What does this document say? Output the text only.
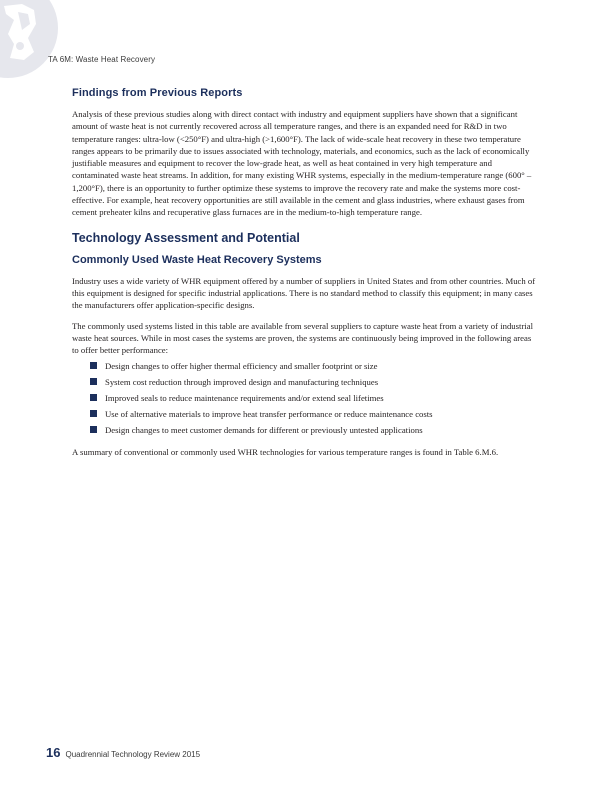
TA 6M: Waste Heat Recovery
Findings from Previous Reports

Analysis of these previous studies along with direct contact with industry and equipment suppliers have shown that a significant amount of waste heat is not currently recovered across all temperature ranges, and there is an expanded need for R&D in two temperature ranges: ultra-low (<250°F) and ultra-high (>1,600°F). The lack of wide-scale heat recovery in these two temperature ranges appears to be primarily due to issues associated with technology, materials, and economics, such as the lack of economically justifiable measures and equipment to recover the low-grade heat, as well as heat contained in very high temperature and contaminated waste heat streams. In addition, for many existing WHR systems, especially in the medium-temperature range (600° – 1,200°F), there is an opportunity to further optimize these systems to improve the recovery rate and make the systems more cost-effective. For example, heat recovery opportunities are still available in the cement and glass industries, where exhaust gases from cement preheater kilns and recuperative glass furnaces are in the medium-to-high temperature range.

Technology Assessment and Potential
Commonly Used Waste Heat Recovery Systems

Industry uses a wide variety of WHR equipment offered by a number of suppliers in United States and from other countries. Much of this equipment is designed for specific industrial applications. There is no standard method to classify this equipment; in many cases the manufacturers offer application-specific designs.

The commonly used systems listed in this table are available from several suppliers to capture waste heat from a variety of industrial waste heat sources. While in most cases the systems are proven, the systems are continuously being improved in the following areas to offer better performance:

Design changes to offer higher thermal efficiency and smaller footprint or size
System cost reduction through improved design and manufacturing techniques
Improved seals to reduce maintenance requirements and/or extend seal lifetimes
Use of alternative materials to improve heat transfer performance or reduce maintenance costs
Design changes to meet customer demands for different or previously untested applications

A summary of conventional or commonly used WHR technologies for various temperature ranges is found in Table 6.M.6.

16 Quadrennial Technology Review 2015
